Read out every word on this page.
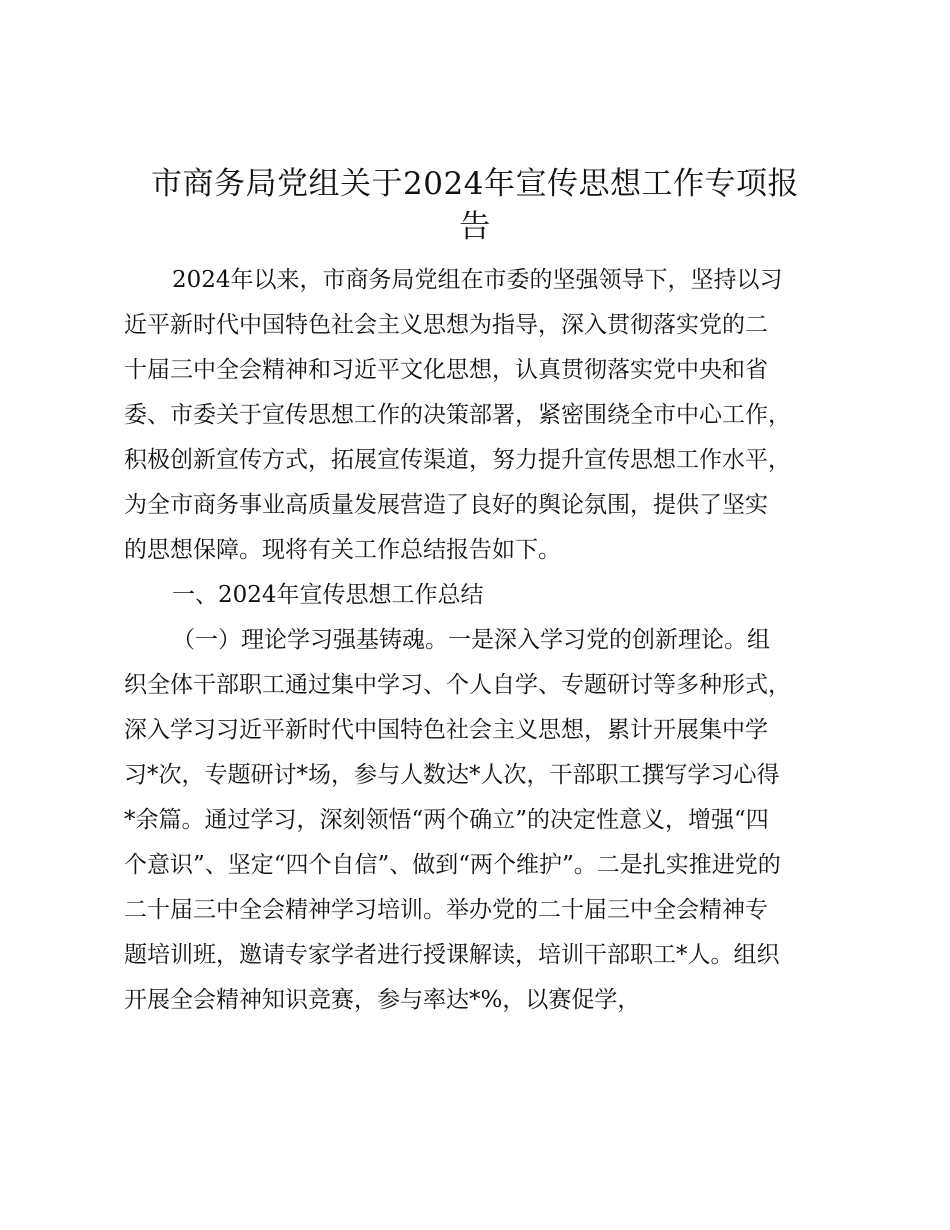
市商务局党组关于2024年宣传思想工作专项报
告

2024年以来，市商务局党组在市委的坚强领导下，坚持以习
近平新时代中国特色社会主义思想为指导，深入贯彻落实党的二
十届三中全会精神和习近平文化思想，认真贯彻落实党中央和省
委、市委关于宣传思想工作的决策部署，紧密围绕全市中心工作，
积极创新宣传方式，拓展宣传渠道，努力提升宣传思想工作水平，
为全市商务事业高质量发展营造了良好的舆论氛围，提供了坚实
的思想保障。现将有关工作总结报告如下。

一、2024年宣传思想工作总结

（一）理论学习强基铸魂。一是深入学习党的创新理论。组
织全体干部职工通过集中学习、个人自学、专题研讨等多种形式，
深入学习习近平新时代中国特色社会主义思想，累计开展集中学
习*次，专题研讨*场，参与人数达*人次，干部职工撰写学习心得
*余篇。通过学习，深刻领悟“两个确立”的决定性意义，增强“四
个意识”、坚定“四个自信”、做到“两个维护”。二是扎实推进党的
二十届三中全会精神学习培训。举办党的二十届三中全会精神专
题培训班，邀请专家学者进行授课解读，培训干部职工*人。组织
开展全会精神知识竞赛，参与率达*%，以赛促学，
